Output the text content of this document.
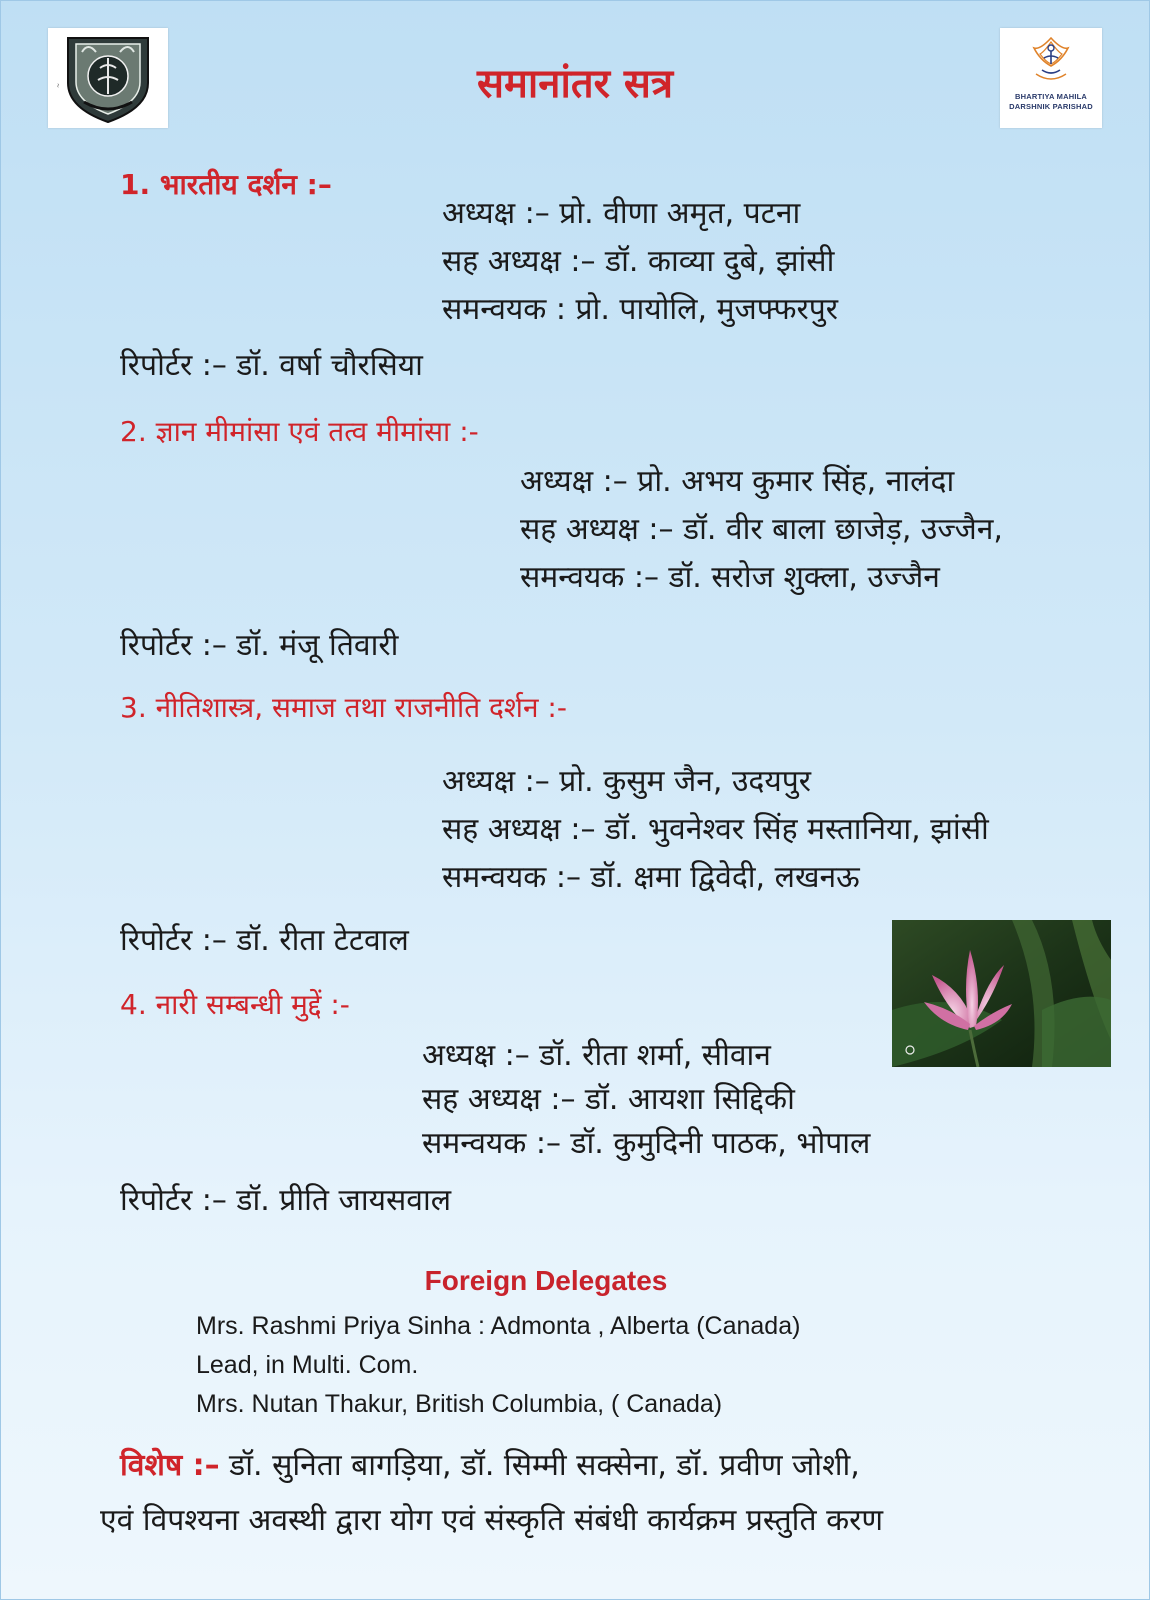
~
BHARTIYA MAHILA
DARSHNIK PARISHAD
समानांतर सत्र
1. भारतीय दर्शन :–
अध्यक्ष :– प्रो. वीणा अमृत, पटना
सह अध्यक्ष :– डॉ. काव्या दुबे, झांसी
समन्वयक : प्रो. पायोलि, मुजफ्फरपुर
रिपोर्टर :– डॉ. वर्षा चौरसिया
2. ज्ञान मीमांसा एवं तत्व मीमांसा :-
अध्यक्ष :– प्रो. अभय कुमार सिंह, नालंदा
सह अध्यक्ष :– डॉ. वीर बाला छाजेड़, उज्जैन,
समन्वयक :– डॉ. सरोज शुक्ला, उज्जैन
रिपोर्टर :– डॉ. मंजू तिवारी
3. नीतिशास्त्र, समाज तथा राजनीति दर्शन :-
अध्यक्ष :– प्रो. कुसुम जैन, उदयपुर
सह अध्यक्ष :– डॉ. भुवनेश्वर सिंह मस्तानिया, झांसी
समन्वयक :– डॉ. क्षमा द्विवेदी, लखनऊ
रिपोर्टर :– डॉ. रीता टेटवाल
4. नारी सम्बन्धी मुद्दें :-
अध्यक्ष :– डॉ. रीता शर्मा, सीवान
सह अध्यक्ष :– डॉ. आयशा सिद्दिकी
समन्वयक :– डॉ. कुमुदिनी पाठक, भोपाल
रिपोर्टर :– डॉ. प्रीति जायसवाल
Foreign Delegates
Mrs. Rashmi Priya Sinha : Admonta , Alberta (Canada)
Lead, in Multi. Com.
Mrs. Nutan Thakur, British Columbia, ( Canada)
विशेष :– डॉ. सुनिता बागड़िया, डॉ. सिम्मी सक्सेना, डॉ. प्रवीण जोशी,
एवं विपश्यना अवस्थी द्वारा योग एवं संस्कृति संबंधी कार्यक्रम प्रस्तुति करण
